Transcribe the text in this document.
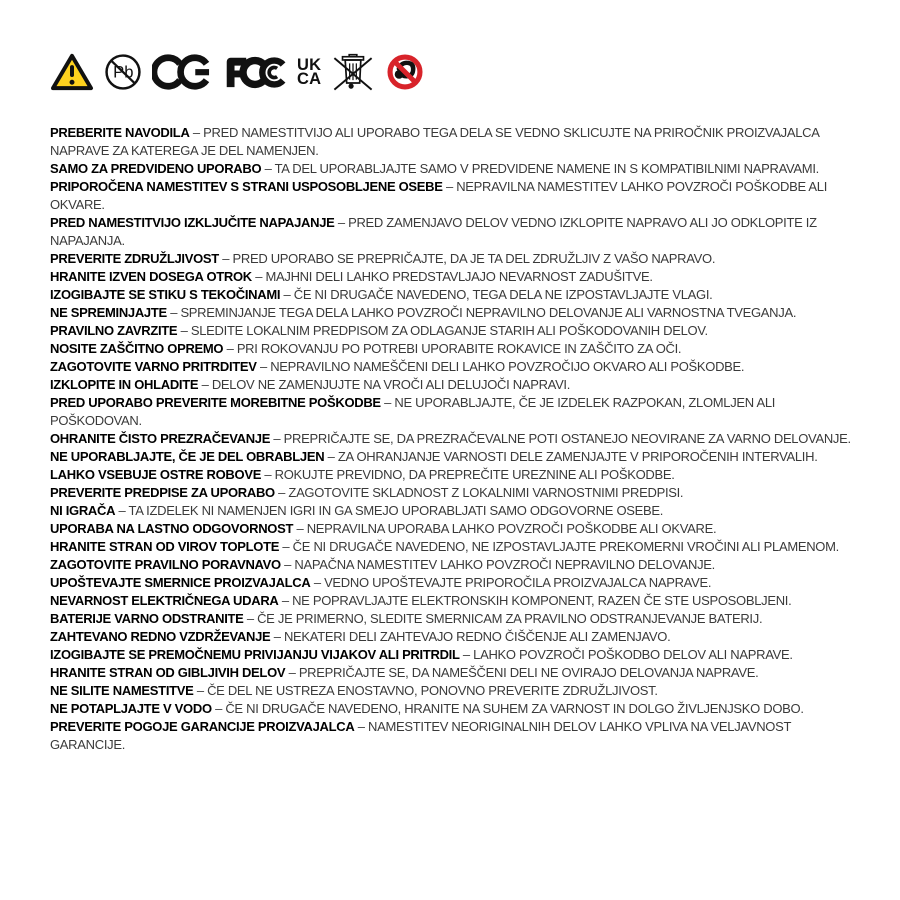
Pb	UK
CA

PREBERITE NAVODILA – PRED NAMESTITVIJO ALI UPORABO TEGA DELA SE VEDNO SKLICUJTE NA PRIROČNIK PROIZVAJALCA NAPRAVE ZA KATEREGA JE DEL NAMENJEN.

SAMO ZA PREDVIDENO UPORABO – TA DEL UPORABLJAJTE SAMO V PREDVIDENE NAMENE IN S KOMPATIBILNIMI NAPRAVAMI.

PRIPOROČENA NAMESTITEV S STRANI USPOSOBLJENE OSEBE – NEPRAVILNA NAMESTITEV LAHKO POVZROČI POŠKODBE ALI OKVARE.

PRED NAMESTITVIJO IZKLJUČITE NAPAJANJE – PRED ZAMENJAVO DELOV VEDNO IZKLOPITE NAPRAVO ALI JO ODKLOPITE IZ NAPAJANJA.

PREVERITE ZDRUŽLJIVOST – PRED UPORABO SE PREPRIČAJTE, DA JE TA DEL ZDRUŽLJIV Z VAŠO NAPRAVO.

HRANITE IZVEN DOSEGA OTROK – MAJHNI DELI LAHKO PREDSTAVLJAJO NEVARNOST ZADUŠITVE.

IZOGIBAJTE SE STIKU S TEKOČINAMI – ČE NI DRUGAČE NAVEDENO, TEGA DELA NE IZPOSTAVLJAJTE VLAGI.

NE SPREMINJAJTE – SPREMINJANJE TEGA DELA LAHKO POVZROČI NEPRAVILNO DELOVANJE ALI VARNOSTNA TVEGANJA.

PRAVILNO ZAVRZITE – SLEDITE LOKALNIM PREDPISOM ZA ODLAGANJE STARIH ALI POŠKODOVANIH DELOV.

NOSITE ZAŠČITNO OPREMO – PRI ROKOVANJU PO POTREBI UPORABITE ROKAVICE IN ZAŠČITO ZA OČI.

ZAGOTOVITE VARNO PRITRDITEV – NEPRAVILNO NAMEŠČENI DELI LAHKO POVZROČIJO OKVARO ALI POŠKODBE.

IZKLOPITE IN OHLADITE – DELOV NE ZAMENJUJTE NA VROČI ALI DELUJOČI NAPRAVI.

PRED UPORABO PREVERITE MOREBITNE POŠKODBE – NE UPORABLJAJTE, ČE JE IZDELEK RAZPOKAN, ZLOMLJEN ALI POŠKODOVAN.

OHRANITE ČISTO PREZRAČEVANJE – PREPRIČAJTE SE, DA PREZRAČEVALNE POTI OSTANEJO NEOVIRANE ZA VARNO DELOVANJE.

NE UPORABLJAJTE, ČE JE DEL OBRABLJEN – ZA OHRANJANJE VARNOSTI DELE ZAMENJAJTE V PRIPOROČENIH INTERVALIH.

LAHKO VSEBUJE OSTRE ROBOVE – ROKUJTE PREVIDNO, DA PREPREČITE UREZNINE ALI POŠKODBE.

PREVERITE PREDPISE ZA UPORABO – ZAGOTOVITE SKLADNOST Z LOKALNIMI VARNOSTNIMI PREDPISI.

NI IGRAČA – TA IZDELEK NI NAMENJEN IGRI IN GA SMEJO UPORABLJATI SAMO ODGOVORNE OSEBE.

UPORABA NA LASTNO ODGOVORNOST – NEPRAVILNA UPORABA LAHKO POVZROČI POŠKODBE ALI OKVARE.

HRANITE STRAN OD VIROV TOPLOTE – ČE NI DRUGAČE NAVEDENO, NE IZPOSTAVLJAJTE PREKOMERNI VROČINI ALI PLAMENOM.

ZAGOTOVITE PRAVILNO PORAVNAVO – NAPAČNA NAMESTITEV LAHKO POVZROČI NEPRAVILNO DELOVANJE.

UPOŠTEVAJTE SMERNICE PROIZVAJALCA – VEDNO UPOŠTEVAJTE PRIPOROČILA PROIZVAJALCA NAPRAVE.

NEVARNOST ELEKTRIČNEGA UDARA – NE POPRAVLJAJTE ELEKTRONSKIH KOMPONENT, RAZEN ČE STE USPOSOBLJENI.

BATERIJE VARNO ODSTRANITE – ČE JE PRIMERNO, SLEDITE SMERNICAM ZA PRAVILNO ODSTRANJEVANJE BATERIJ.

ZAHTEVANO REDNO VZDRŽEVANJE – NEKATERI DELI ZAHTEVAJO REDNO ČIŠČENJE ALI ZAMENJAVO.

IZOGIBAJTE SE PREMOČNEMU PRIVIJANJU VIJAKOV ALI PRITRDIL – LAHKO POVZROČI POŠKODBO DELOV ALI NAPRAVE.

HRANITE STRAN OD GIBLJIVIH DELOV – PREPRIČAJTE SE, DA NAMEŠČENI DELI NE OVIRAJO DELOVANJA NAPRAVE.

NE SILITE NAMESTITVE – ČE DEL NE USTREZA ENOSTAVNO, PONOVNO PREVERITE ZDRUŽLJIVOST.

NE POTAPLJAJTE V VODO – ČE NI DRUGAČE NAVEDENO, HRANITE NA SUHEM ZA VARNOST IN DOLGO ŽIVLJENJSKO DOBO.

PREVERITE POGOJE GARANCIJE PROIZVAJALCA – NAMESTITEV NEORIGINALNIH DELOV LAHKO VPLIVA NA VELJAVNOST GARANCIJE.
